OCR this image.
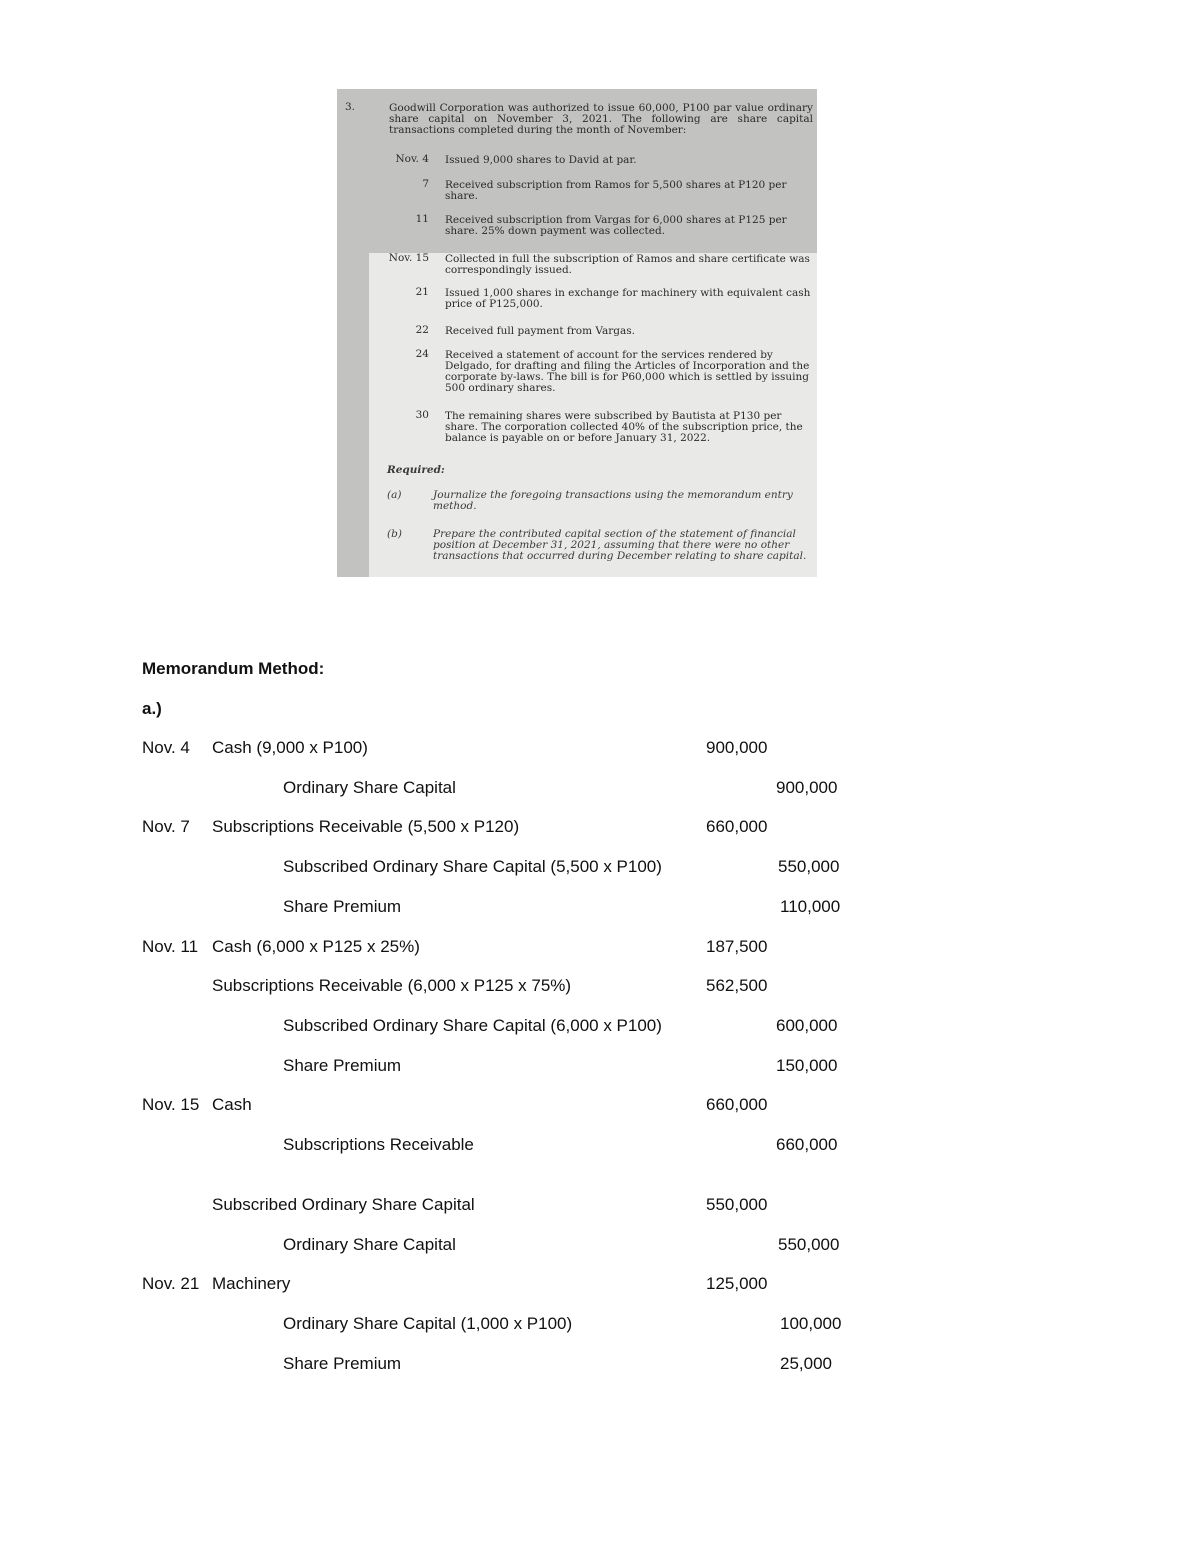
3.	Goodwill Corporation was authorized to issue 60,000, P100 par value ordinary share capital on November 3, 2021. The following are share capital transactions completed during the month of November:
Nov. 4 Issued 9,000 shares to David at par.
7 Received subscription from Ramos for 5,500 shares at P120 per share.
11 Received subscription from Vargas for 6,000 shares at P125 per share. 25% down payment was collected.
Nov. 15 Collected in full the subscription of Ramos and share certificate was correspondingly issued.
21 Issued 1,000 shares in exchange for machinery with equivalent cash price of P125,000.
22 Received full payment from Vargas.
24 Received a statement of account for the services rendered by Delgado, for drafting and filing the Articles of Incorporation and the corporate by-laws. The bill is for P60,000 which is settled by issuing 500 ordinary shares.
30 The remaining shares were subscribed by Bautista at P130 per share. The corporation collected 40% of the subscription price, the balance is payable on or before January 31, 2022.
Required:
(a)	Journalize the foregoing transactions using the memorandum entry method.
(b)	Prepare the contributed capital section of the statement of financial position at December 31, 2021, assuming that there were no other transactions that occurred during December relating to share capital.
Memorandum Method:
a.)
Nov. 4 Cash (9,000 x P100)	900,000
Ordinary Share Capital	900,000
Nov. 7 Subscriptions Receivable (5,500 x P120)	660,000
Subscribed Ordinary Share Capital (5,500 x P100)	550,000
Share Premium	110,000
Nov. 11 Cash (6,000 x P125 x 25%)	187,500
Subscriptions Receivable (6,000 x P125 x 75%)	562,500
Subscribed Ordinary Share Capital (6,000 x P100)	600,000
Share Premium	150,000
Nov. 15 Cash	660,000
Subscriptions Receivable	660,000
Subscribed Ordinary Share Capital	550,000
Ordinary Share Capital	550,000
Nov. 21 Machinery	125,000
Ordinary Share Capital (1,000 x P100)	100,000
Share Premium	25,000
